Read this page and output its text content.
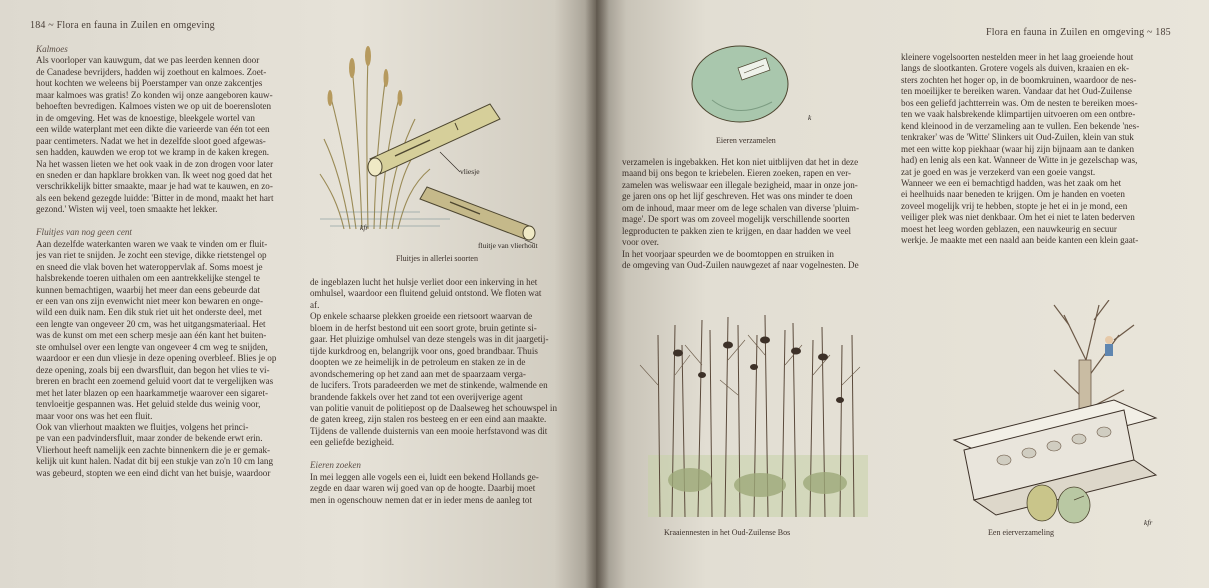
184 ~ Flora en fauna in Zuilen en omgeving
Kalmoes
Als voorloper van kauwgum, dat we pas leerden kennen door
de Canadese bevrijders, hadden wij zoethout en kalmoes. Zoet-
hout kochten we weleens bij Poerstamper van onze zakcentjes
maar kalmoes was gratis! Zo konden wij onze aangeboren kauw-
behoeften bevredigen. Kalmoes visten we op uit de boerensloten
in de omgeving. Het was de knoestige, bleekgele wortel van
een wilde waterplant met een dikte die varieerde van één tot een
paar centimeters. Nadat we het in dezelfde sloot goed afgewas-
sen hadden, kauwden we erop tot we kramp in de kaken kregen.
Na het wassen lieten we het ook vaak in de zon drogen voor later
en sneden er dan hapklare brokken van. Ik weet nog goed dat het
verschrikkelijk bitter smaakte, maar je had wat te kauwen, en zo-
als een bekend gezegde luidde: 'Bitter in de mond, maakt het hart
gezond.' Wisten wij veel, toen smaakte het lekker.

Fluitjes van nog geen cent
Aan dezelfde waterkanten waren we vaak te vinden om er fluit-
jes van riet te snijden. Je zocht een stevige, dikke rietstengel op
en sneed die vlak boven het wateroppervlak af. Soms moest je
halsbrekende toeren uithalen om een aantrekkelijke stengel te
kunnen bemachtigen, waarbij het meer dan eens gebeurde dat
er een van ons zijn evenwicht niet meer kon bewaren en onge-
wild een duik nam. Een dik stuk riet uit het onderste deel, met
een lengte van ongeveer 20 cm, was het uitgangsmateriaal. Het
was de kunst om met een scherp mesje aan één kant het buiten-
ste omhulsel over een lengte van ongeveer 4 cm weg te snijden,
waardoor er een dun vliesje in deze opening overbleef. Blies je op
deze opening, zoals bij een dwarsfluit, dan begon het vlies te vi-
breren en bracht een zoemend geluid voort dat te vergelijken was
met het later blazen op een haarkammetje waarover een sigaret-
tenvloeitje gespannen was. Het geluid stelde dus weinig voor,
maar voor ons was het een fluit.
Ook van vlierhout maakten we fluitjes, volgens het princi-
pe van een padvindersfluit, maar zonder de bekende erwt erin.
Vlierhout heeft namelijk een zachte binnenkern die je er gemak-
kelijk uit kunt halen. Nadat dit bij een stukje van zo'n 10 cm lang
was gebeurd, stopten we een eind dicht van het buisje, waardoor
de ingeblazen lucht het hulsje verliet door een inkerving in het
omhulsel, waardoor een fluitend geluid ontstond. We floten wat
af.
Op enkele schaarse plekken groeide een rietsoort waarvan de
bloem in de herfst bestond uit een soort grote, bruin getinte si-
gaar. Het pluizige omhulsel van deze stengels was in dit jaargetij-
tijde kurkdroog en, belangrijk voor ons, goed brandbaar. Thuis
doopten we ze heimelijk in de petroleum en staken ze in de
avondschemering op het zand aan met de spaarzaam verga-
de lucifers. Trots paradeerden we met de stinkende, walmende en
brandende fakkels over het zand tot een overijverige agent
van politie vanuit de politiepost op de Daalseweg het schouwspel in
de gaten kreeg, zijn stalen ros besteeg en er een eind aan maakte.
Tijdens de vallende duisternis van een mooie herfstavond was dit
een geliefde bezigheid.

Eieren zoeken
In mei leggen alle vogels een ei, luidt een bekend Hollands ge-
zegde en daar waren wij goed van op de hoogte. Daarbij moet
men in ogenschouw nemen dat er in ieder mens de aanleg tot
vliesje
fluitje van vlierhout
kfr
Fluitjes in allerlei soorten
Flora en fauna in Zuilen en omgeving ~ 185
k
Eieren verzamelen
verzamelen is ingebakken. Het kon niet uitblijven dat het in deze
maand bij ons begon te kriebelen. Eieren zoeken, rapen en ver-
zamelen was weliswaar een illegale bezigheid, maar in onze jon-
ge jaren ons op het lijf geschreven. Het was ons minder te doen
om de inhoud, maar meer om de lege schalen van diverse 'pluim-
mage'. De sport was om zoveel mogelijk verschillende soorten
legproducten te pakken zien te krijgen, en daar hadden we veel
voor over.
In het voorjaar speurden we de boomtoppen en struiken in
de omgeving van Oud-Zuilen nauwgezet af naar vogelnesten. De
kleinere vogelsoorten nestelden meer in het laag groeiende hout
langs de slootkanten. Grotere vogels als duiven, kraaien en ek-
sters zochten het hoger op, in de boomkruinen, waardoor de nes-
ten moeilijker te bereiken waren. Vandaar dat het Oud-Zuilense
bos een geliefd jachtterrein was. Om de nesten te bereiken moes-
ten we vaak halsbrekende klimpartijen uitvoeren om een ontbre-
kend kleinood in de verzameling aan te vullen. Een bekende 'nes-
tenkraker' was de 'Witte' Slinkers uit Oud-Zuilen, klein van stuk
met een witte kop piekhaar (waar hij zijn bijnaam aan te danken
had) en lenig als een kat. Wanneer de Witte in je gezelschap was,
zat je goed en was je verzekerd van een goeie vangst.
Wanneer we een ei bemachtigd hadden, was het zaak om het
ei heelhuids naar beneden te krijgen. Om je handen en voeten
zoveel mogelijk vrij te hebben, stopte je het ei in je mond, een
veiliger plek was niet denkbaar. Om het ei niet te laten bederven
moest het leeg worden geblazen, een nauwkeurig en secuur
werkje. Je maakte met een naald aan beide kanten een klein gaat-
Kraaiennesten in het Oud-Zuilense Bos
kfr
Een eierverzameling
